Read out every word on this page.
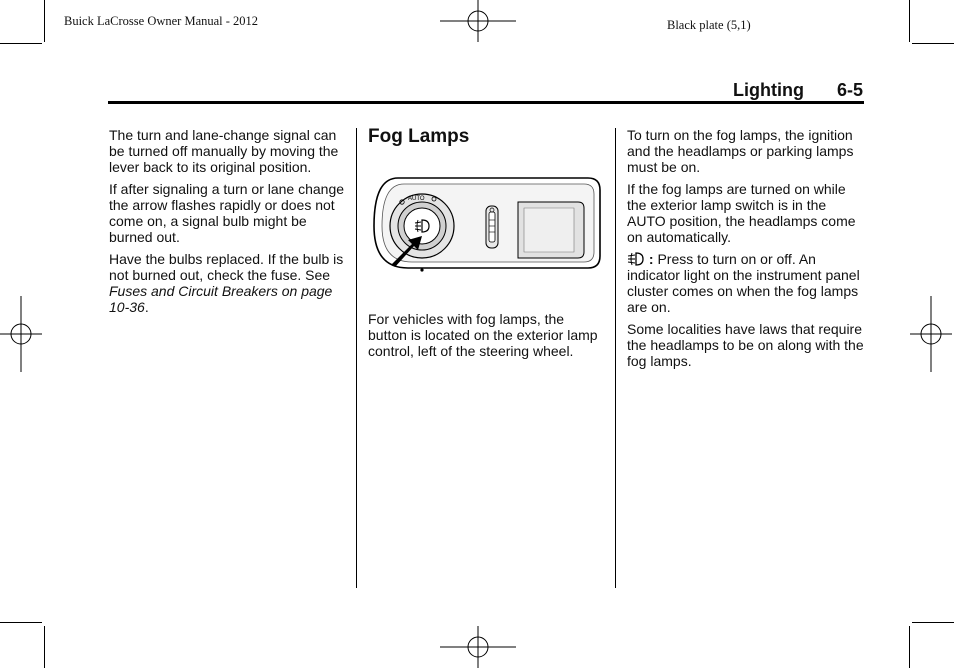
Buick LaCrosse Owner Manual - 2012	Black plate (5,1)
Lighting 6-5

The turn and lane-change signal can be turned off manually by moving the lever back to its original position.

If after signaling a turn or lane change the arrow flashes rapidly or does not come on, a signal bulb might be burned out.

Have the bulbs replaced. If the bulb is not burned out, check the fuse. See Fuses and Circuit Breakers on page 10-36.

Fog Lamps
AUTO

For vehicles with fog lamps, the button is located on the exterior lamp control, left of the steering wheel.

To turn on the fog lamps, the ignition and the headlamps or parking lamps must be on.

If the fog lamps are turned on while the exterior lamp switch is in the AUTO position, the headlamps come on automatically.

: Press to turn on or off. An indicator light on the instrument panel cluster comes on when the fog lamps are on.

Some localities have laws that require the headlamps to be on along with the fog lamps.
